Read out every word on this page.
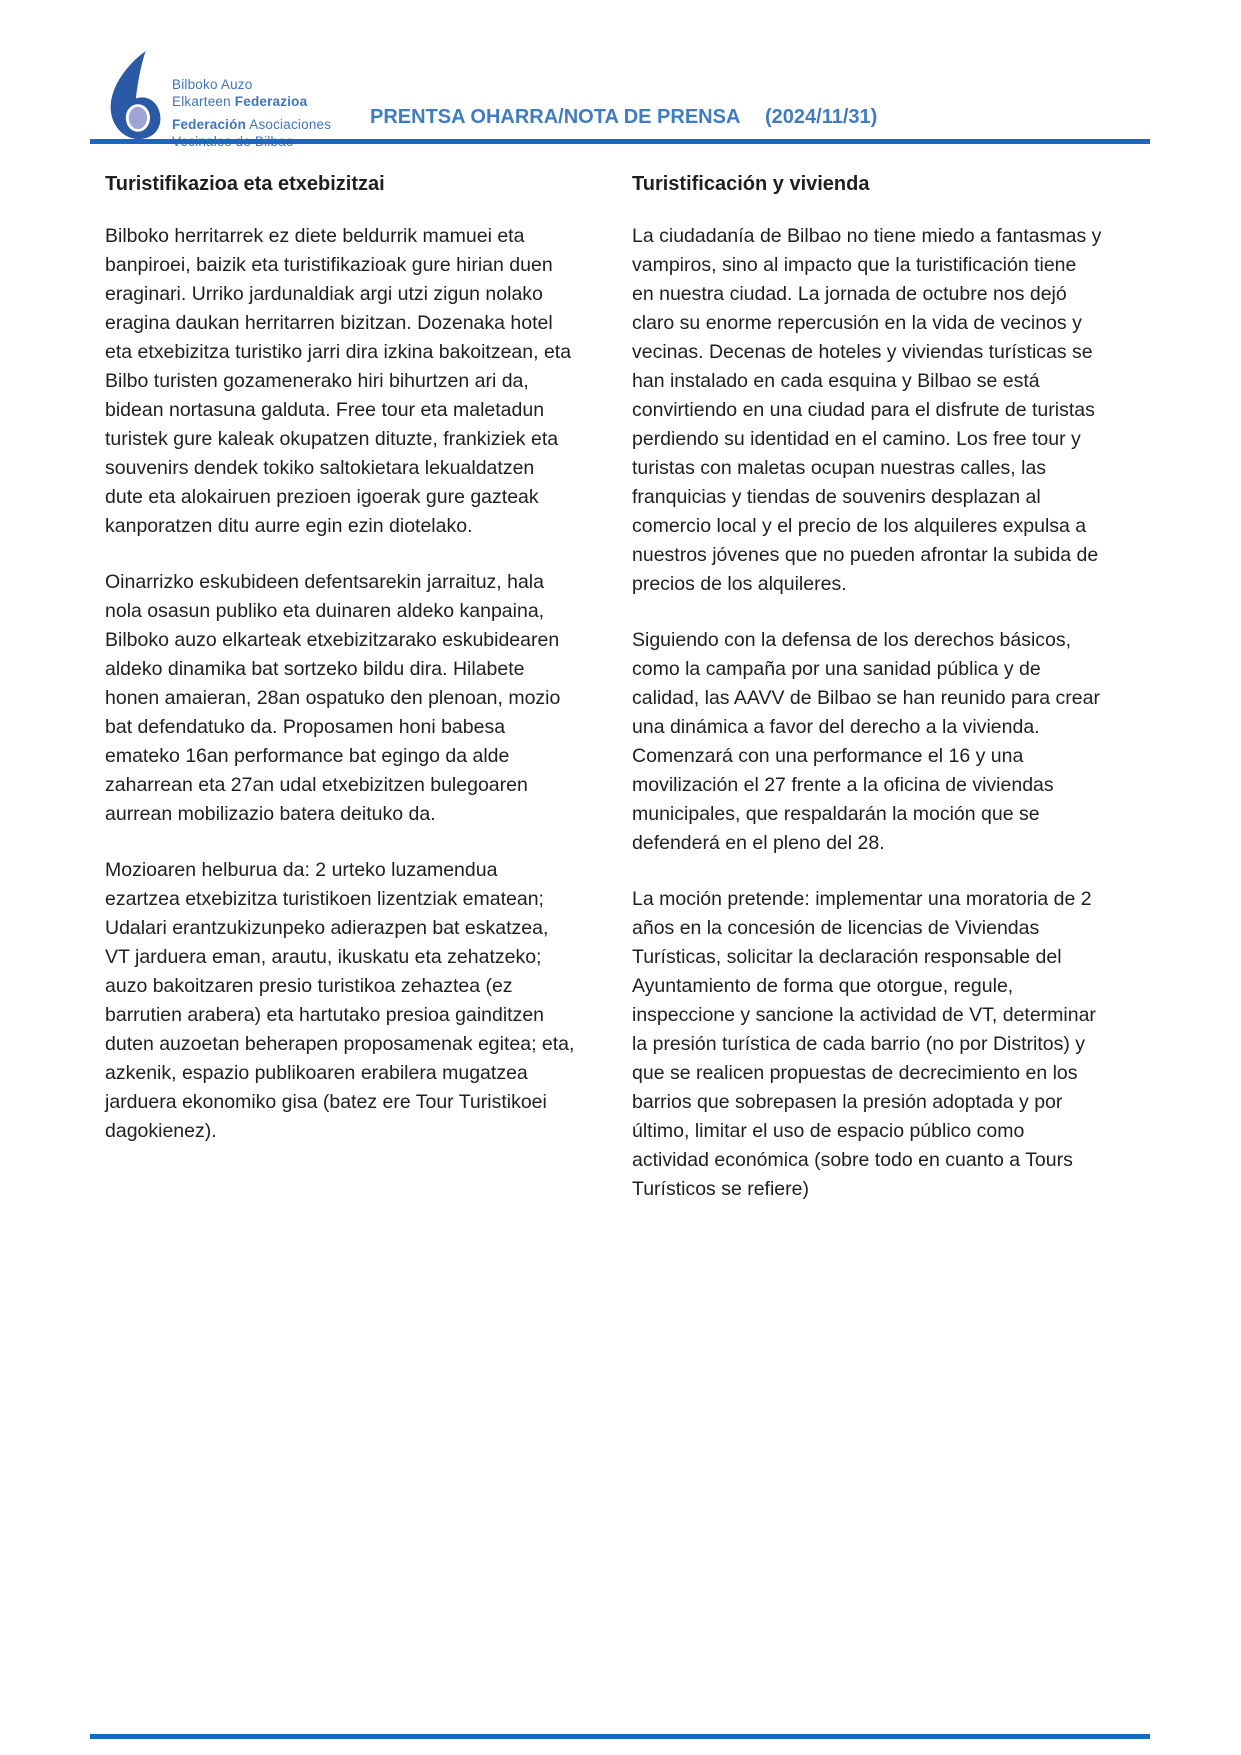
Bilboko Auzo
Elkarteen Federazioa
Federación Asociaciones PRENTSA OHARRA/NOTA DE PRENSA (2024/11/31)
Turistifikazioa eta etxebizitzai

Bilboko herritarrek ez diete beldurrik mamuei eta banpiroei, baizik eta turistifikazioak gure hirian duen eraginari. Urriko jardunaldiak argi utzi zigun nolako eragina daukan herritarren bizitzan. Dozenaka hotel eta etxebizitza turistiko jarri dira izkina bakoitzean, eta Bilbo turisten gozamenerako hiri bihurtzen ari da, bidean nortasuna galduta. Free tour eta maletadun turistek gure kaleak okupatzen dituzte, frankiziek eta souvenirs dendek tokiko saltokietara lekualdatzen dute eta alokairuen prezioen igoerak gure gazteak kanporatzen ditu aurre egin ezin diotelako.

Oinarrizko eskubideen defentsarekin jarraituz, hala nola osasun publiko eta duinaren aldeko kanpaina, Bilboko auzo elkarteak etxebizitzarako eskubidearen aldeko dinamika bat sortzeko bildu dira. Hilabete honen amaieran, 28an ospatuko den plenoan, mozio bat defendatuko da. Proposamen honi babesa emateko 16an performance bat egingo da alde zaharrean eta 27an udal etxebizitzen bulegoaren aurrean mobilizazio batera deituko da.

Mozioaren helburua da: 2 urteko luzamendua ezartzea etxebizitza turistikoen lizentziak ematean; Udalari erantzukizunpeko adierazpen bat eskatzea, VT jarduera eman, arautu, ikuskatu eta zehatzeko; auzo bakoitzaren presio turistikoa zehaztea (ez barrutien arabera) eta hartutako presioa gainditzen duten auzoetan beherapen proposamenak egitea; eta, azkenik, espazio publikoaren erabilera mugatzea jarduera ekonomiko gisa (batez ere Tour Turistikoei dagokienez).

Turistificación y vivienda

La ciudadanía de Bilbao no tiene miedo a fantasmas y vampiros, sino al impacto que la turistificación tiene en nuestra ciudad. La jornada de octubre nos dejó claro su enorme repercusión en la vida de vecinos y vecinas. Decenas de hoteles y viviendas turísticas se han instalado en cada esquina y Bilbao se está convirtiendo en una ciudad para el disfrute de turistas perdiendo su identidad en el camino. Los free tour y turistas con maletas ocupan nuestras calles, las franquicias y tiendas de souvenirs desplazan al comercio local y el precio de los alquileres expulsa a nuestros jóvenes que no pueden afrontar la subida de precios de los alquileres.

Siguiendo con la defensa de los derechos básicos, como la campaña por una sanidad pública y de calidad, las AAVV de Bilbao se han reunido para crear una dinámica a favor del derecho a la vivienda. Comenzará con una performance el 16 y una movilización el 27 frente a la oficina de viviendas municipales, que respaldarán la moción que se defenderá en el pleno del 28.

La moción pretende: implementar una moratoria de 2 años en la concesión de licencias de Viviendas Turísticas, solicitar la declaración responsable del Ayuntamiento de forma que otorgue, regule, inspeccione y sancione la actividad de VT, determinar la presión turística de cada barrio (no por Distritos) y que se realicen propuestas de decrecimiento en los barrios que sobrepasen la presión adoptada y por último, limitar el uso de espacio público como actividad económica (sobre todo en cuanto a Tours Turísticos se refiere)
